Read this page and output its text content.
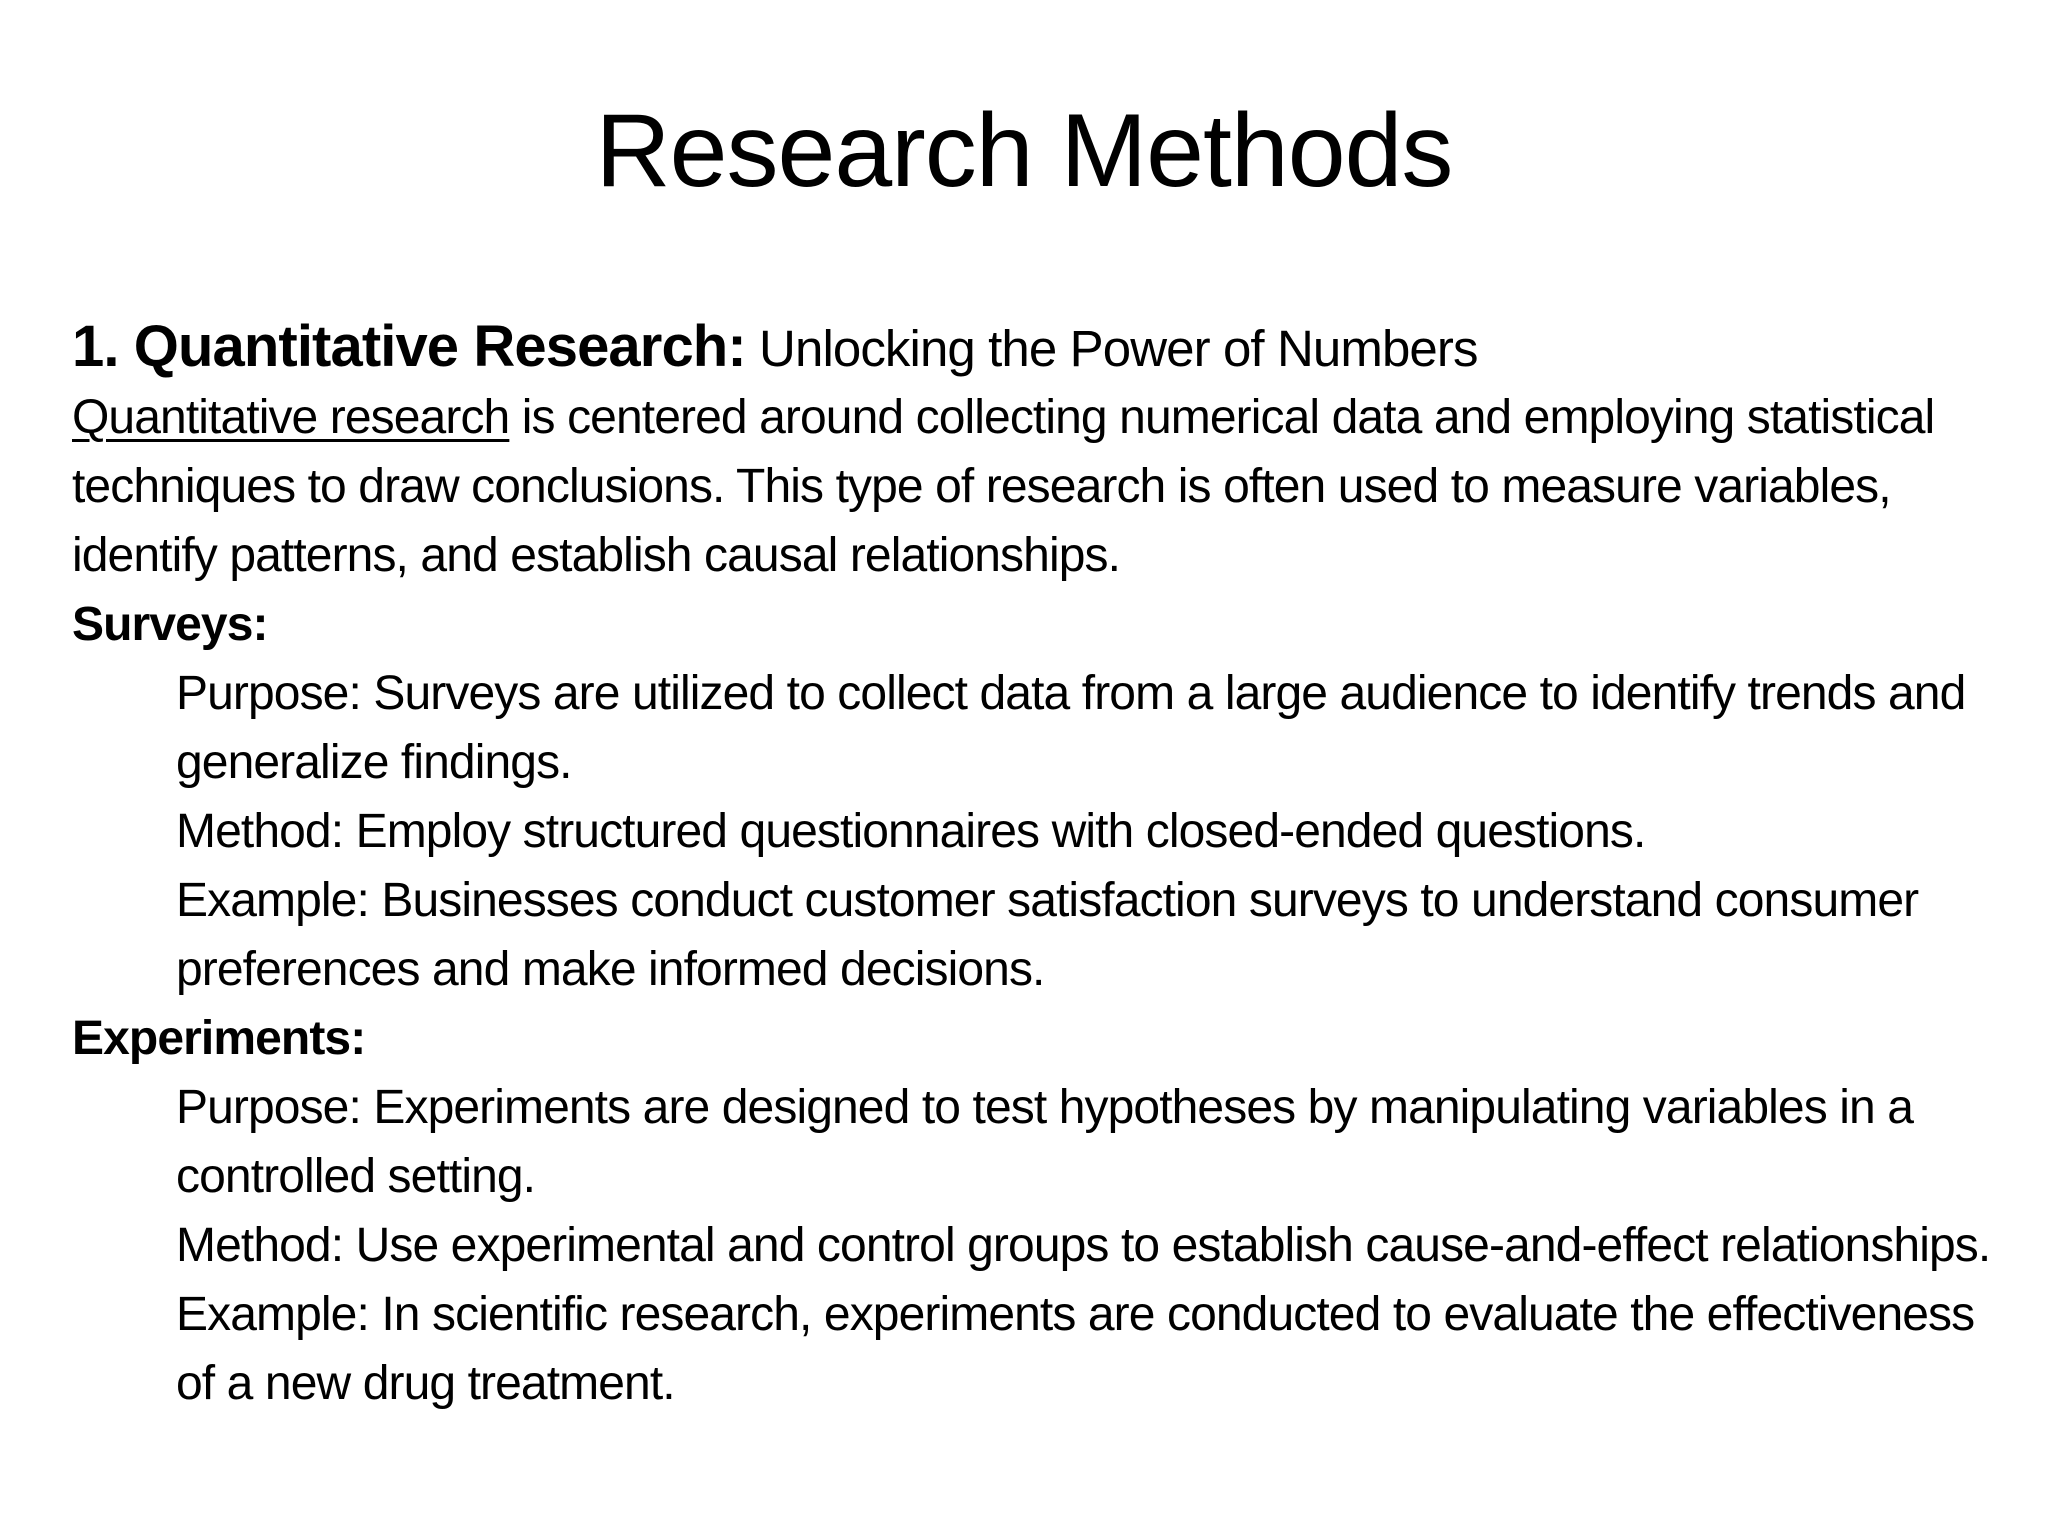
Research Methods

1. Quantitative Research: Unlocking the Power of Numbers

Quantitative research is centered around collecting numerical data and employing statistical techniques to draw conclusions. This type of research is often used to measure variables, identify patterns, and establish causal relationships.

Surveys:

Purpose: Surveys are utilized to collect data from a large audience to identify trends and generalize findings.

Method: Employ structured questionnaires with closed-ended questions.

Example: Businesses conduct customer satisfaction surveys to understand consumer preferences and make informed decisions.

Experiments:

Purpose: Experiments are designed to test hypotheses by manipulating variables in a controlled setting.

Method: Use experimental and control groups to establish cause-and-effect relationships.

Example: In scientific research, experiments are conducted to evaluate the effectiveness of a new drug treatment.
